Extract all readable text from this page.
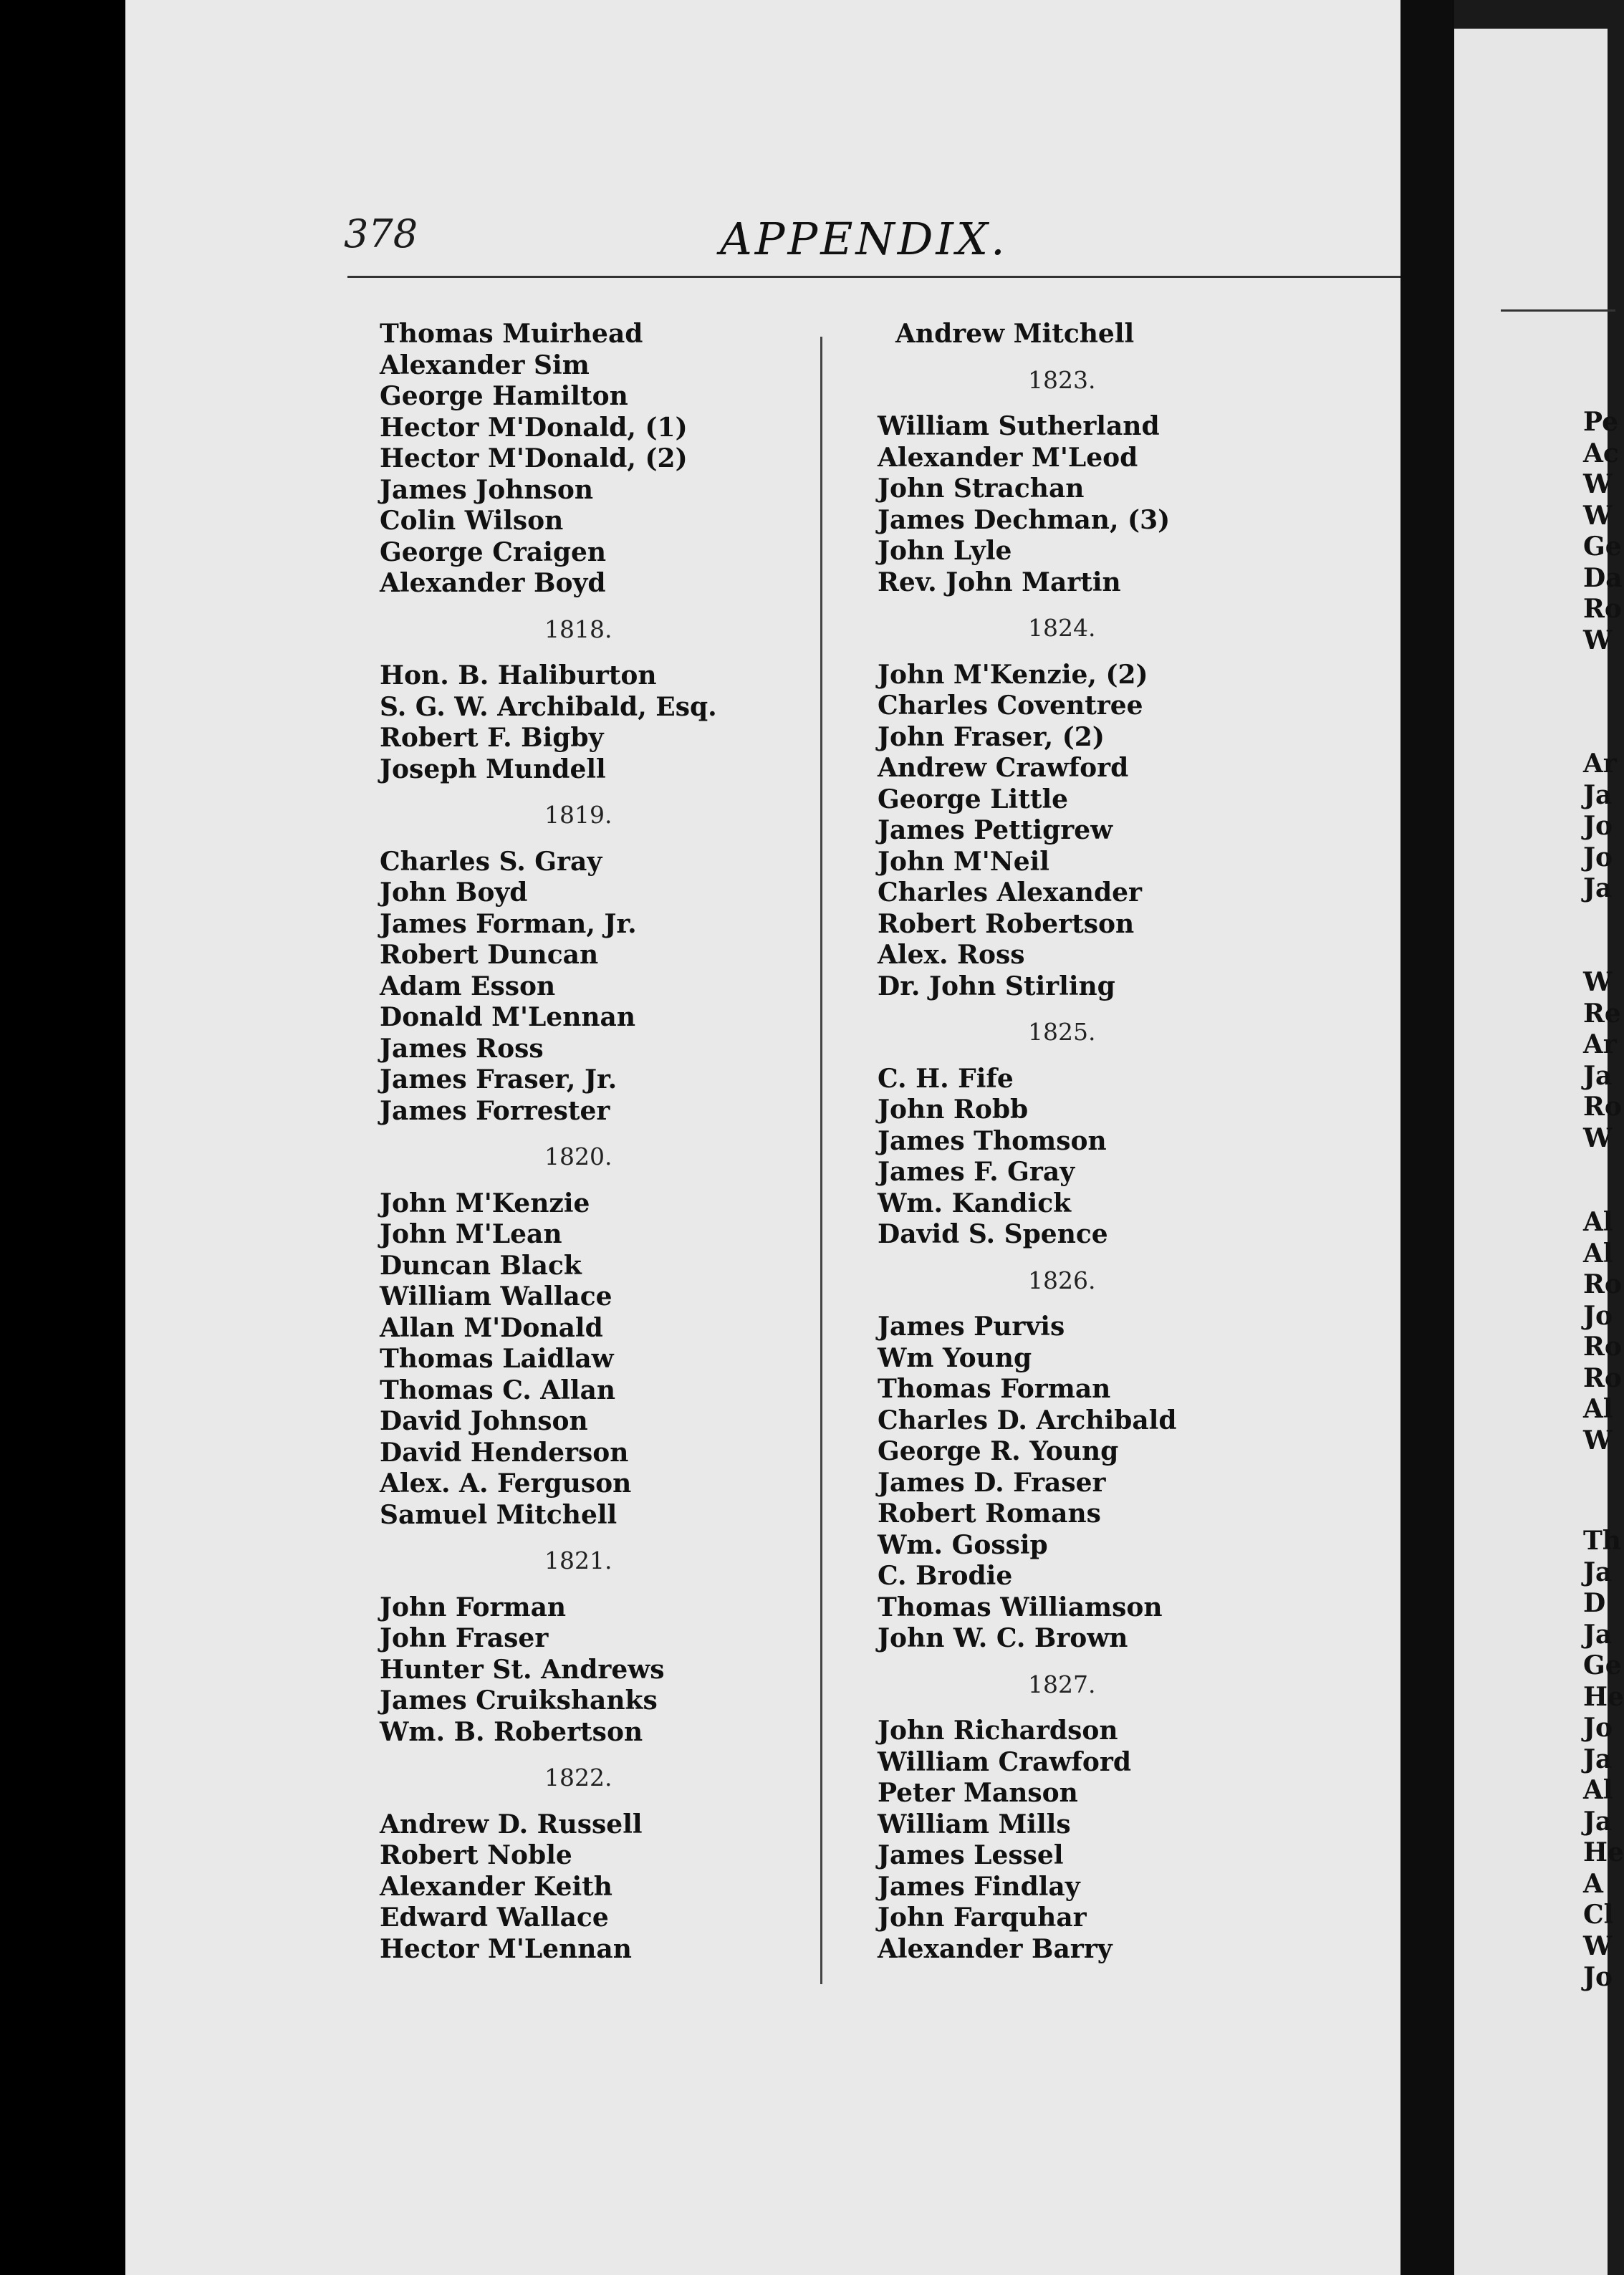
378	APPENDIX.
Thomas Muirhead
Alexander Sim
George Hamilton
Hector M'Donald, (1)
Hector M'Donald, (2)
James Johnson
Colin Wilson
George Craigen
Alexander Boyd
1818.
Hon. B. Haliburton
S. G. W. Archibald, Esq.
Robert F. Bigby
Joseph Mundell
1819.
Charles S. Gray
John Boyd
James Forman, Jr.
Robert Duncan
Adam Esson
Donald M'Lennan
James Ross
James Fraser, Jr.
James Forrester
1820.
John M'Kenzie
John M'Lean
Duncan Black
William Wallace
Allan M'Donald
Thomas Laidlaw
Thomas C. Allan
David Johnson
David Henderson
Alex. A. Ferguson
Samuel Mitchell
1821.
John Forman
John Fraser
Hunter St. Andrews
James Cruikshanks
Wm. B. Robertson
1822.
Andrew D. Russell
Robert Noble
Alexander Keith
Edward Wallace
Hector M'Lennan
Andrew Mitchell
1823.
William Sutherland
Alexander M'Leod
John Strachan
James Dechman, (3)
John Lyle
Rev. John Martin
1824.
John M'Kenzie, (2)
Charles Coventree
John Fraser, (2)
Andrew Crawford
George Little
James Pettigrew
John M'Neil
Charles Alexander
Robert Robertson
Alex. Ross
Dr. John Stirling
1825.
C. H. Fife
John Robb
James Thomson
James F. Gray
Wm. Kandick
David S. Spence
1826.
James Purvis
Wm Young
Thomas Forman
Charles D. Archibald
George R. Young
James D. Fraser
Robert Romans
Wm. Gossip
C. Brodie
Thomas Williamson
John W. C. Brown
1827.
John Richardson
William Crawford
Peter Manson
William Mills
James Lessel
James Findlay
John Farquhar
Alexander Barry
Pe
Ac
W
W
Ge
Da
Ro
W
Ar
Ja
Jo
Jo
Ja
W
Re
Ar
Ja
Ro
W
Al
Al
Ro
Jo
Ro
Ro
Al
W
Th
Ja
D
Ja
Ge
He
Jo
Ja
Al
Ja
He
A
Cl
W
Jo
